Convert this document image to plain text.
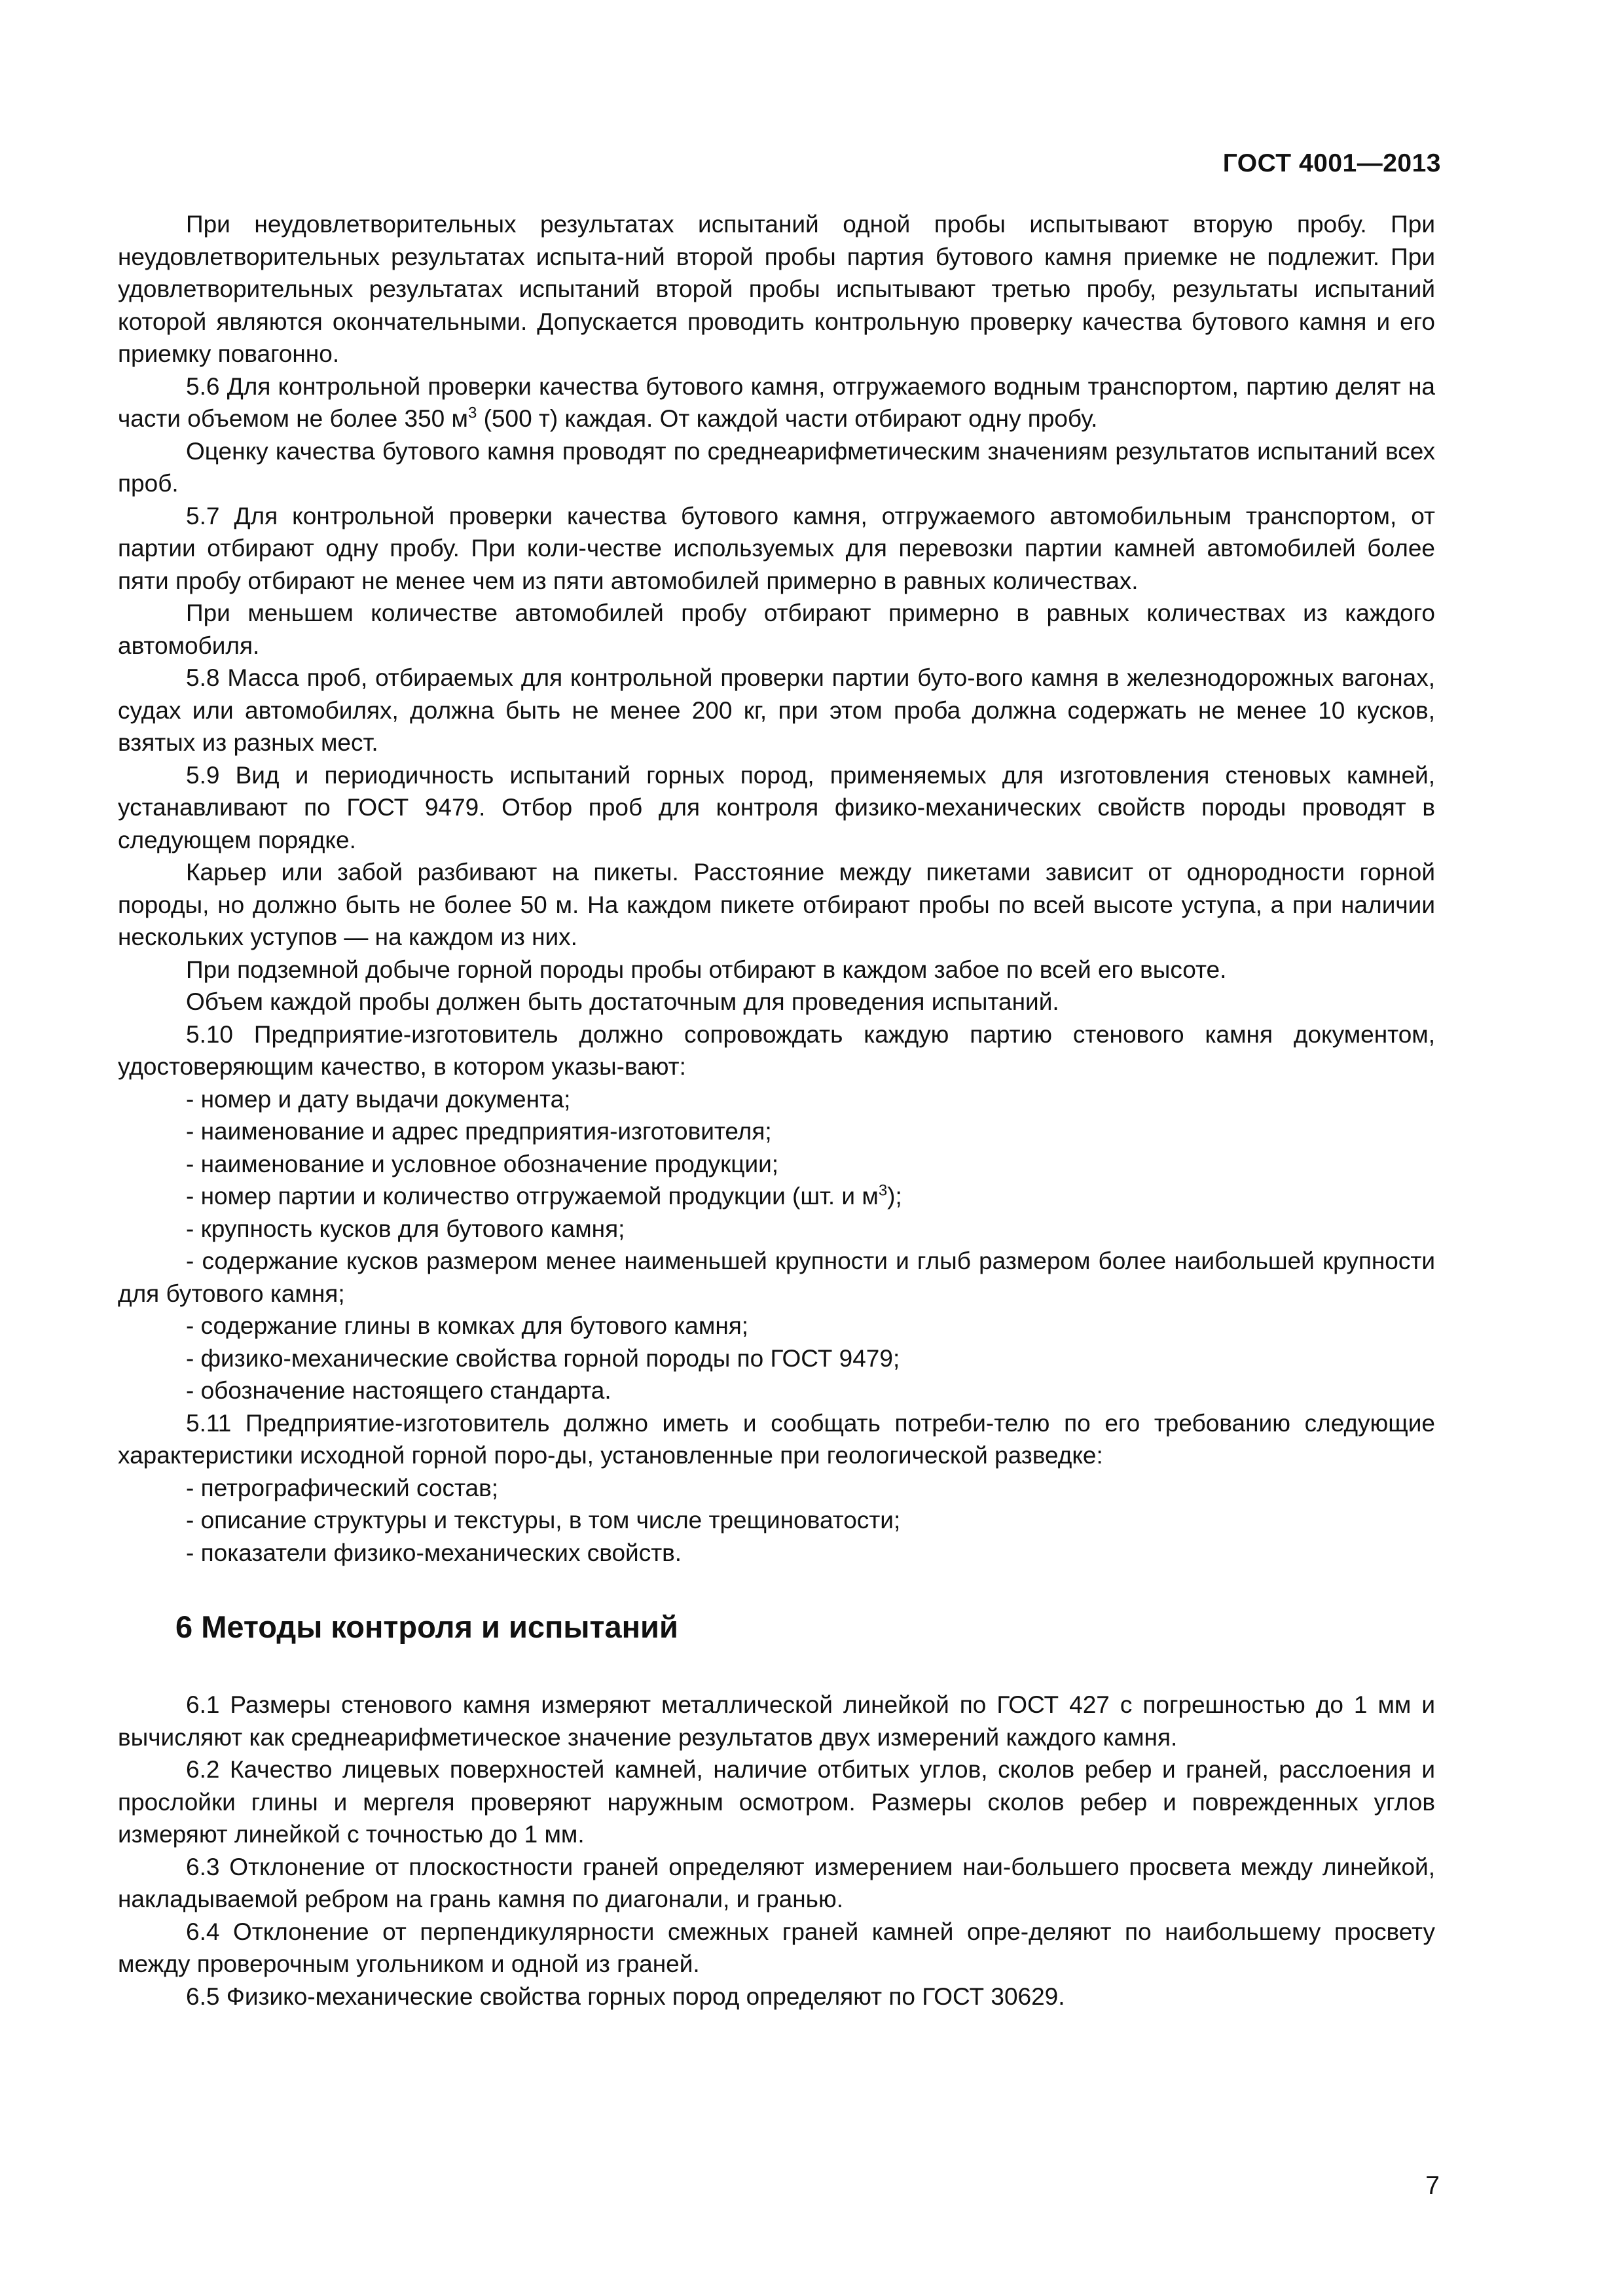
ГОСТ 4001—2013

При неудовлетворительных результатах испытаний одной пробы испытывают вторую пробу. При неудовлетворительных результатах испыта-ний второй пробы партия бутового камня приемке не подлежит. При удовлетворительных результатах испытаний второй пробы испытывают третью пробу, результаты испытаний которой являются окончательными. Допускается проводить контрольную проверку качества бутового камня и его приемку повагонно.

5.6 Для контрольной проверки качества бутового камня, отгружаемого водным транспортом, партию делят на части объемом не более 350 $м^3$ (500 т) каждая. От каждой части отбирают одну пробу.

Оценку качества бутового камня проводят по среднеарифметическим значениям результатов испытаний всех проб.

5.7 Для контрольной проверки качества бутового камня, отгружаемого автомобильным транспортом, от партии отбирают одну пробу. При коли-честве используемых для перевозки партии камней автомобилей более пяти пробу отбирают не менее чем из пяти автомобилей примерно в равных количествах.

При меньшем количестве автомобилей пробу отбирают примерно в равных количествах из каждого автомобиля.

5.8 Масса проб, отбираемых для контрольной проверки партии буто-вого камня в железнодорожных вагонах, судах или автомобилях, должна быть не менее 200 кг, при этом проба должна содержать не менее 10 кусков, взятых из разных мест.

5.9 Вид и периодичность испытаний горных пород, применяемых для изготовления стеновых камней, устанавливают по ГОСТ 9479. Отбор проб для контроля физико-механических свойств породы проводят в следующем порядке.

Карьер или забой разбивают на пикеты. Расстояние между пикетами зависит от однородности горной породы, но должно быть не более 50 м. На каждом пикете отбирают пробы по всей высоте уступа, а при наличии нескольких уступов — на каждом из них.

При подземной добыче горной породы пробы отбирают в каждом забое по всей его высоте.

Объем каждой пробы должен быть достаточным для проведения испытаний.

5.10 Предприятие-изготовитель должно сопровождать каждую партию стенового камня документом, удостоверяющим качество, в котором указы-вают:

- номер и дату выдачи документа;

- наименование и адрес предприятия-изготовителя;

- наименование и условное обозначение продукции;

- номер партии и количество отгружаемой продукции (шт. и $м^3$);

- крупность кусков для бутового камня;

- содержание кусков размером менее наименьшей крупности и глыб размером более наибольшей крупности для бутового камня;

- содержание глины в комках для бутового камня;

- физико-механические свойства горной породы по ГОСТ 9479;

- обозначение настоящего стандарта.

5.11 Предприятие-изготовитель должно иметь и сообщать потреби-телю по его требованию следующие характеристики исходной горной поро-ды, установленные при геологической разведке:

- петрографический состав;

- описание структуры и текстуры, в том числе трещиноватости;

- показатели физико-механических свойств.

6 Методы контроля и испытаний

6.1 Размеры стенового камня измеряют металлической линейкой по ГОСТ 427 с погрешностью до 1 мм и вычисляют как среднеарифметическое значение результатов двух измерений каждого камня.

6.2 Качество лицевых поверхностей камней, наличие отбитых углов, сколов ребер и граней, расслоения и прослойки глины и мергеля проверяют наружным осмотром. Размеры сколов ребер и поврежденных углов измеряют линейкой с точностью до 1 мм.

6.3 Отклонение от плоскостности граней определяют измерением наи-большего просвета между линейкой, накладываемой ребром на грань камня по диагонали, и гранью.

6.4 Отклонение от перпендикулярности смежных граней камней опре-деляют по наибольшему просвету между проверочным угольником и одной из граней.

6.5 Физико-механические свойства горных пород определяют по ГОСТ 30629.

7
